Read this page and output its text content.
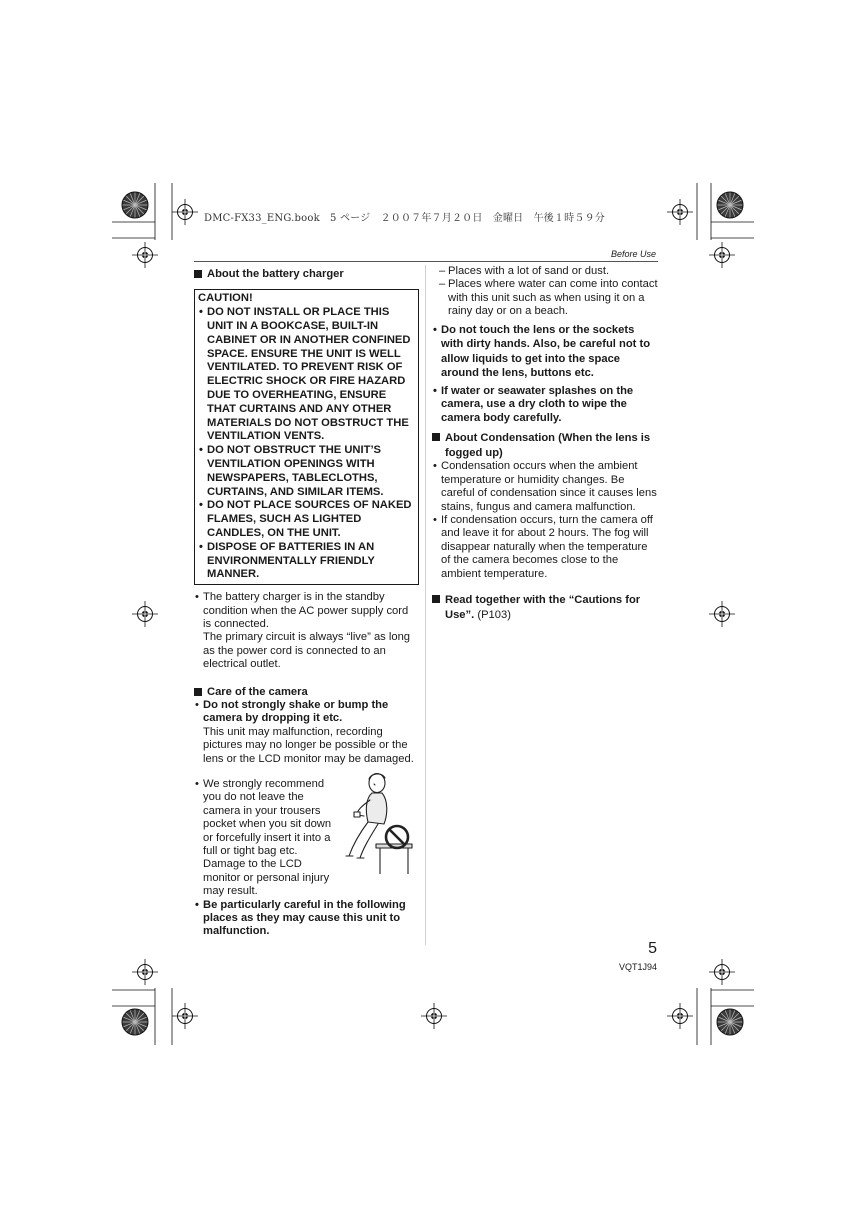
DMC-FX33_ENG.book　5 ページ　２００７年７月２０日　金曜日　午後１時５９分
Before Use
About the battery charger
CAUTION!
• DO NOT INSTALL OR PLACE THIS UNIT IN A BOOKCASE, BUILT-IN CABINET OR IN ANOTHER CONFINED SPACE. ENSURE THE UNIT IS WELL VENTILATED. TO PREVENT RISK OF ELECTRIC SHOCK OR FIRE HAZARD DUE TO OVERHEATING, ENSURE THAT CURTAINS AND ANY OTHER MATERIALS DO NOT OBSTRUCT THE VENTILATION VENTS.
• DO NOT OBSTRUCT THE UNIT’S VENTILATION OPENINGS WITH NEWSPAPERS, TABLECLOTHS, CURTAINS, AND SIMILAR ITEMS.
• DO NOT PLACE SOURCES OF NAKED FLAMES, SUCH AS LIGHTED CANDLES, ON THE UNIT.
• DISPOSE OF BATTERIES IN AN ENVIRONMENTALLY FRIENDLY MANNER.
• The battery charger is in the standby condition when the AC power supply cord is connected.
The primary circuit is always “live” as long as the power cord is connected to an electrical outlet.
Care of the camera
• Do not strongly shake or bump the camera by dropping it etc.
This unit may malfunction, recording pictures may no longer be possible or the lens or the LCD monitor may be damaged.
• We strongly recommend you do not leave the camera in your trousers pocket when you sit down or forcefully insert it into a full or tight bag etc. Damage to the LCD monitor or personal injury may result.
• Be particularly careful in the following places as they may cause this unit to malfunction.
– Places with a lot of sand or dust.
– Places where water can come into contact with this unit such as when using it on a rainy day or on a beach.
• Do not touch the lens or the sockets with dirty hands. Also, be careful not to allow liquids to get into the space around the lens, buttons etc.
• If water or seawater splashes on the camera, use a dry cloth to wipe the camera body carefully.
About Condensation (When the lens is fogged up)
• Condensation occurs when the ambient temperature or humidity changes. Be careful of condensation since it causes lens stains, fungus and camera malfunction.
• If condensation occurs, turn the camera off and leave it for about 2 hours. The fog will disappear naturally when the temperature of the camera becomes close to the ambient temperature.
Read together with the “Cautions for Use”. (P103)
5
VQT1J94
